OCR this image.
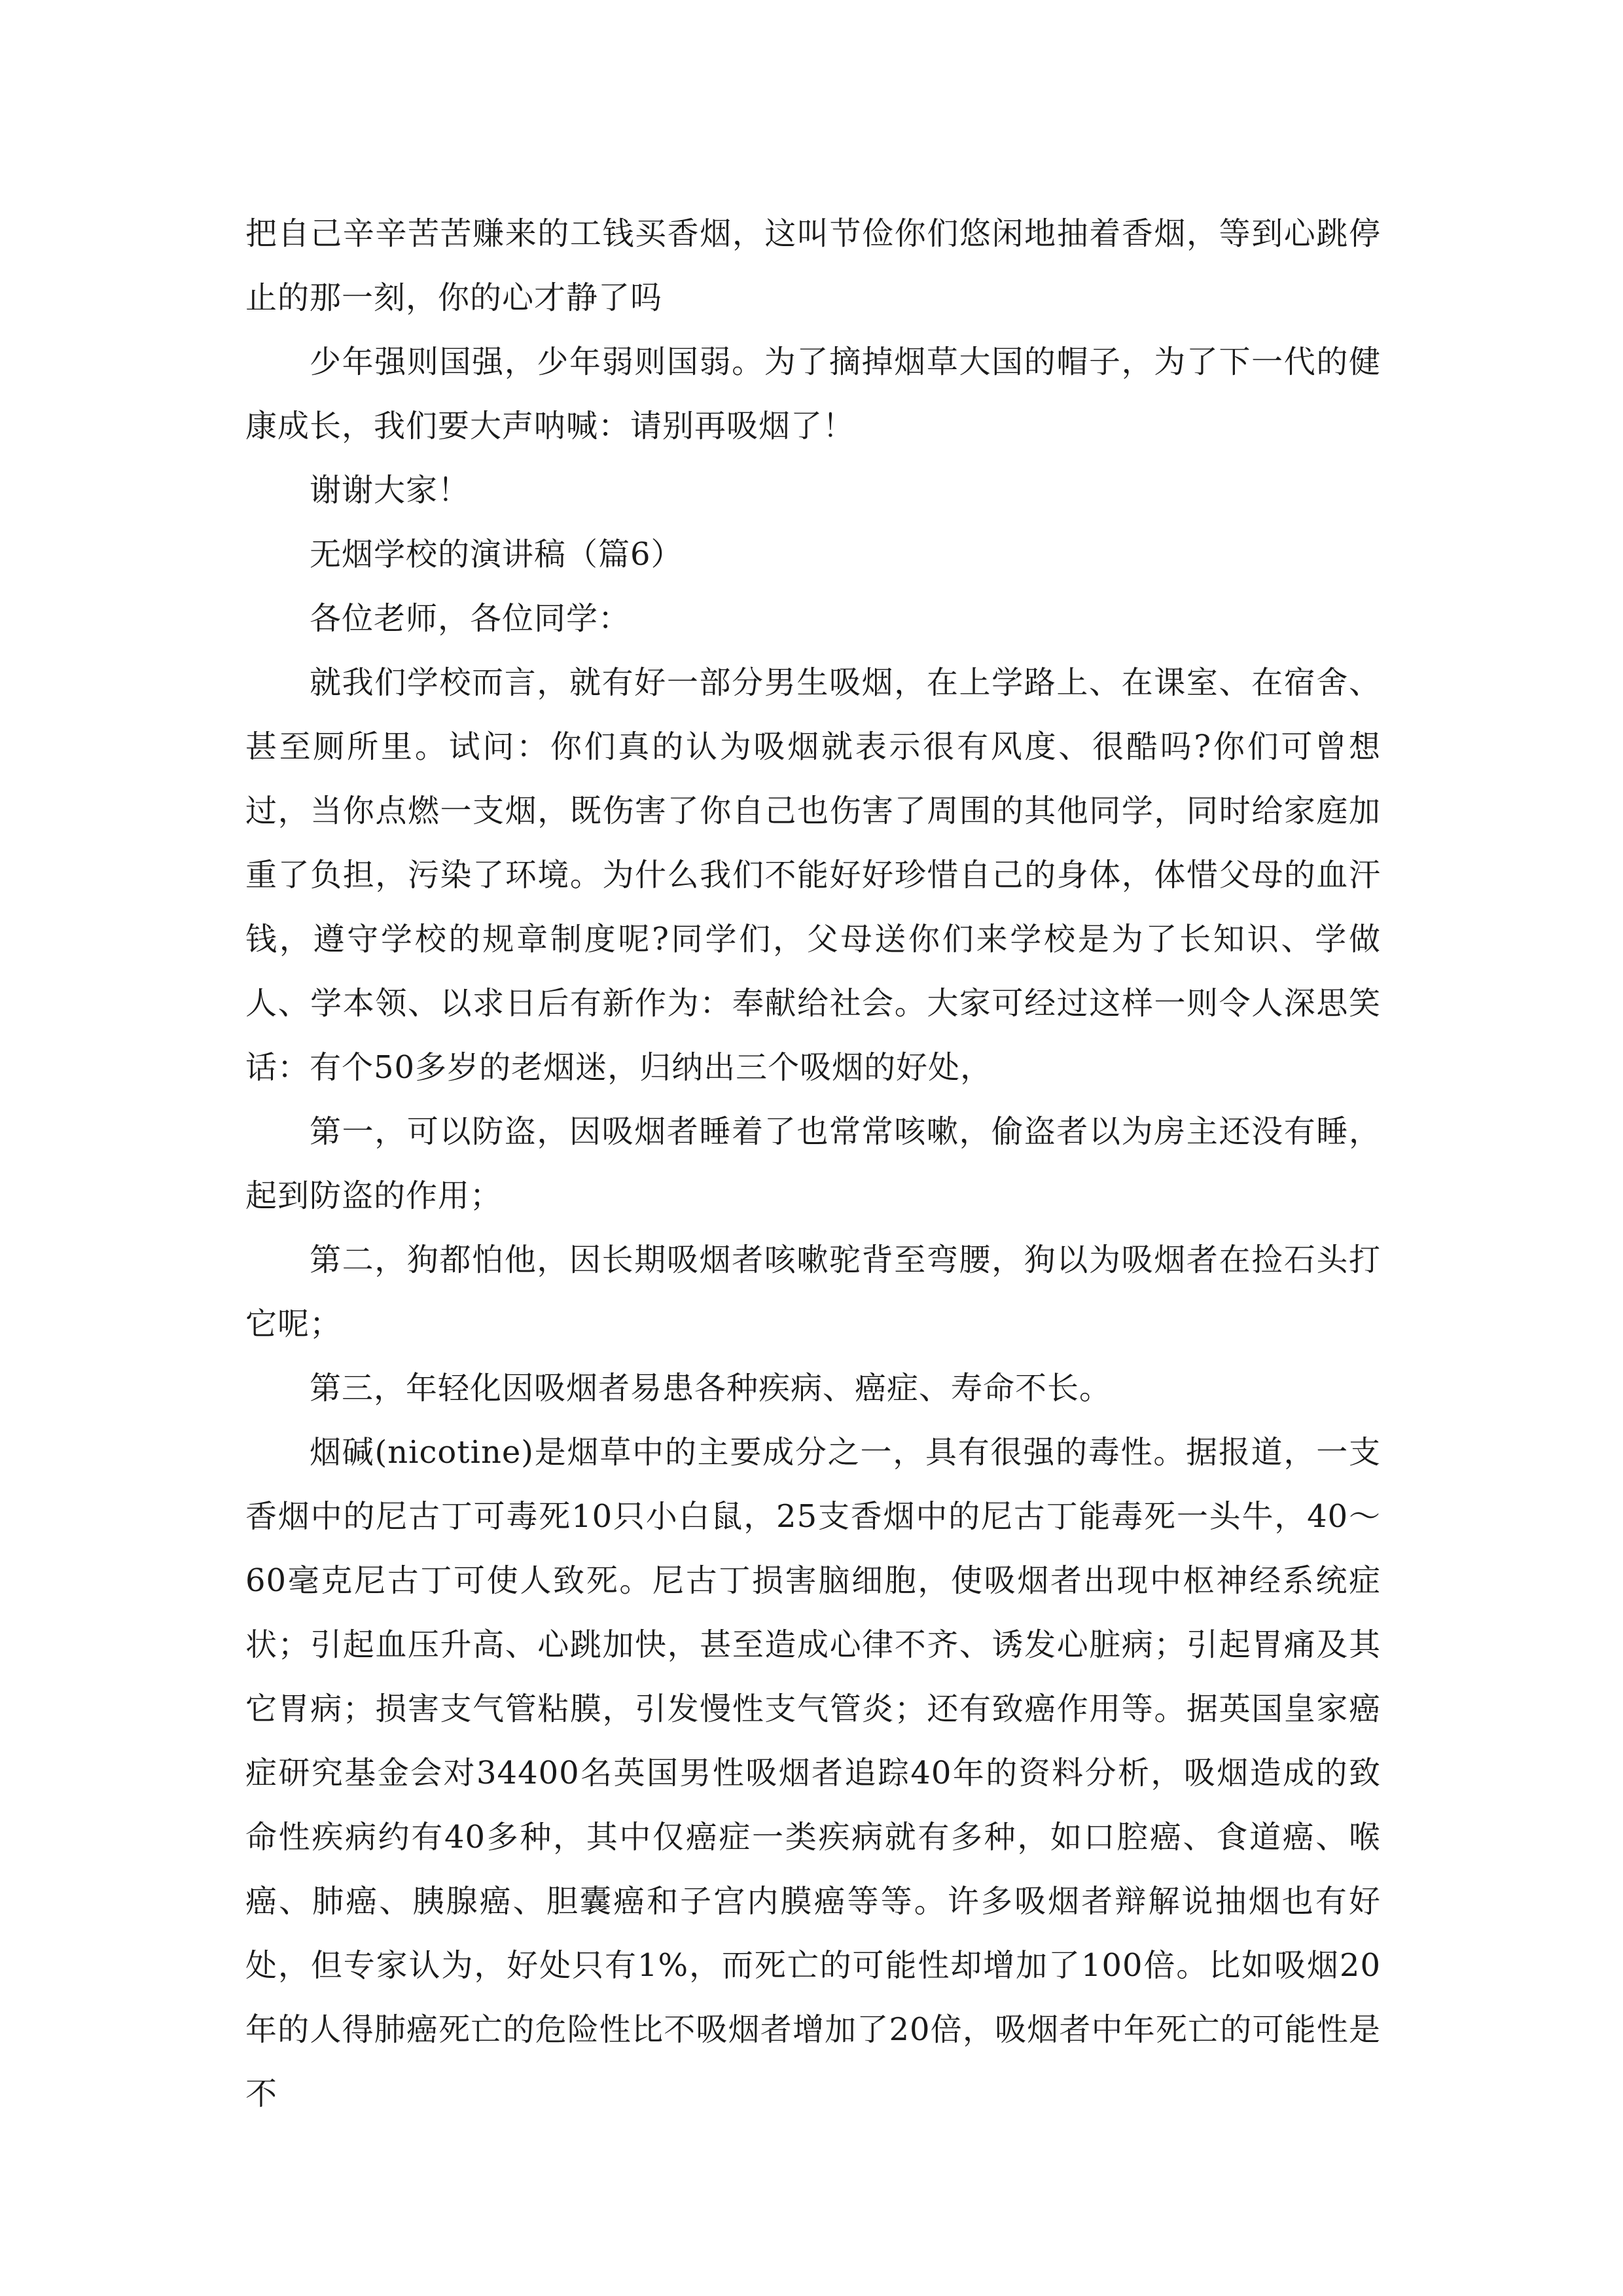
把自己辛辛苦苦赚来的工钱买香烟，这叫节俭你们悠闲地抽着香烟，等到心跳停止的那一刻，你的心才静了吗

少年强则国强，少年弱则国弱。为了摘掉烟草大国的帽子，为了下一代的健康成长，我们要大声呐喊：请别再吸烟了！

谢谢大家！

无烟学校的演讲稿（篇6）

各位老师，各位同学：

就我们学校而言，就有好一部分男生吸烟，在上学路上、在课室、在宿舍、甚至厕所里。试问：你们真的认为吸烟就表示很有风度、很酷吗?你们可曾想过，当你点燃一支烟，既伤害了你自己也伤害了周围的其他同学，同时给家庭加重了负担，污染了环境。为什么我们不能好好珍惜自己的身体，体惜父母的血汗钱，遵守学校的规章制度呢?同学们，父母送你们来学校是为了长知识、学做人、学本领、以求日后有新作为：奉献给社会。大家可经过这样一则令人深思笑话：有个50多岁的老烟迷，归纳出三个吸烟的好处，

第一，可以防盗，因吸烟者睡着了也常常咳嗽，偷盗者以为房主还没有睡，起到防盗的作用；

第二，狗都怕他，因长期吸烟者咳嗽驼背至弯腰，狗以为吸烟者在捡石头打它呢；

第三，年轻化因吸烟者易患各种疾病、癌症、寿命不长。

烟碱(nicotine)是烟草中的主要成分之一，具有很强的毒性。据报道，一支香烟中的尼古丁可毒死10只小白鼠，25支香烟中的尼古丁能毒死一头牛，40～60毫克尼古丁可使人致死。尼古丁损害脑细胞，使吸烟者出现中枢神经系统症状；引起血压升高、心跳加快，甚至造成心律不齐、诱发心脏病；引起胃痛及其它胃病；损害支气管粘膜，引发慢性支气管炎；还有致癌作用等。据英国皇家癌症研究基金会对34400名英国男性吸烟者追踪40年的资料分析，吸烟造成的致命性疾病约有40多种，其中仅癌症一类疾病就有多种，如口腔癌、食道癌、喉癌、肺癌、胰腺癌、胆囊癌和子宫内膜癌等等。许多吸烟者辩解说抽烟也有好处，但专家认为，好处只有1%，而死亡的可能性却增加了100倍。比如吸烟20年的人得肺癌死亡的危险性比不吸烟者增加了20倍，吸烟者中年死亡的可能性是不
